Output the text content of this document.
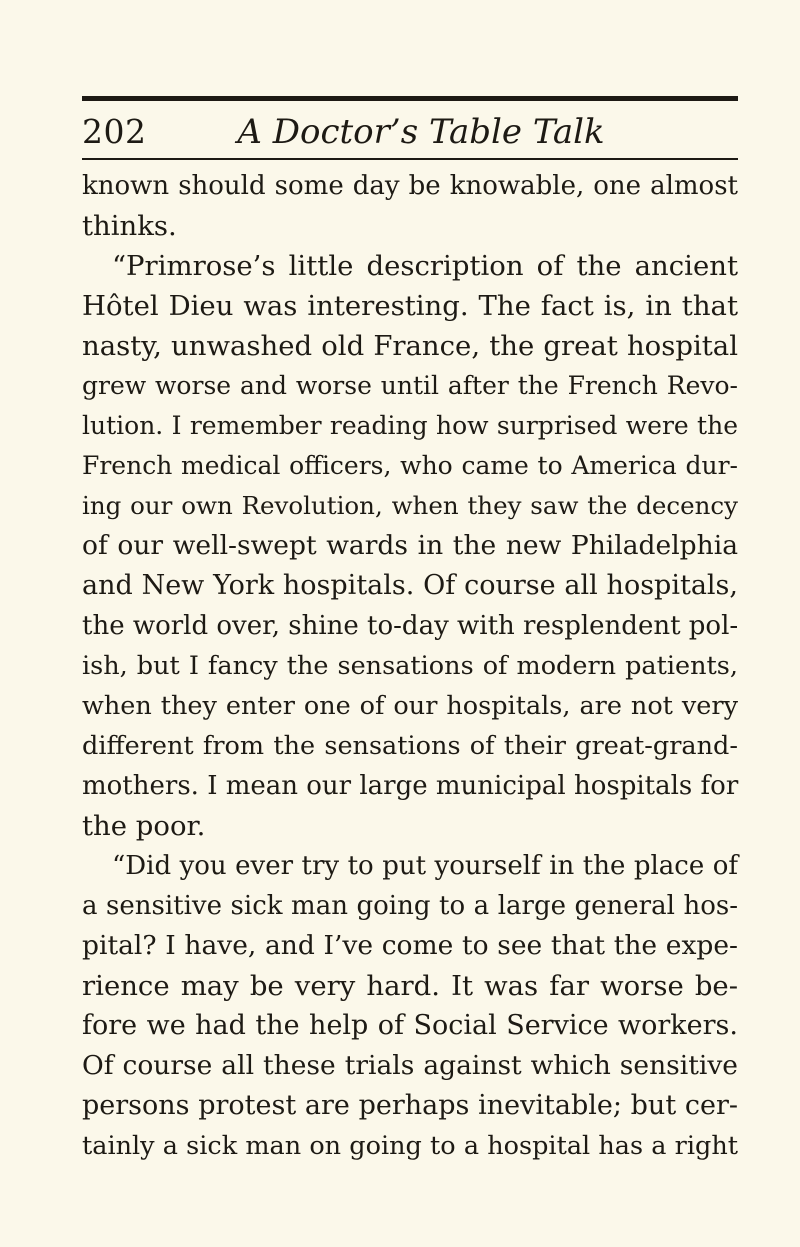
202	A Doctor’s Table Talk
known should some day be knowable, one almost
thinks.
“Primrose’s little description of the ancient
Hôtel Dieu was interesting. The fact is, in that
nasty, unwashed old France, the great hospital
grew worse and worse until after the French Revo-
lution. I remember reading how surprised were the
French medical officers, who came to America dur-
ing our own Revolution, when they saw the decency
of our well-swept wards in the new Philadelphia
and New York hospitals. Of course all hospitals,
the world over, shine to-day with resplendent pol-
ish, but I fancy the sensations of modern patients,
when they enter one of our hospitals, are not very
different from the sensations of their great-grand-
mothers. I mean our large municipal hospitals for
the poor.
“Did you ever try to put yourself in the place of
a sensitive sick man going to a large general hos-
pital? I have, and I’ve come to see that the expe-
rience may be very hard. It was far worse be-
fore we had the help of Social Service workers.
Of course all these trials against which sensitive
persons protest are perhaps inevitable; but cer-
tainly a sick man on going to a hospital has a right
